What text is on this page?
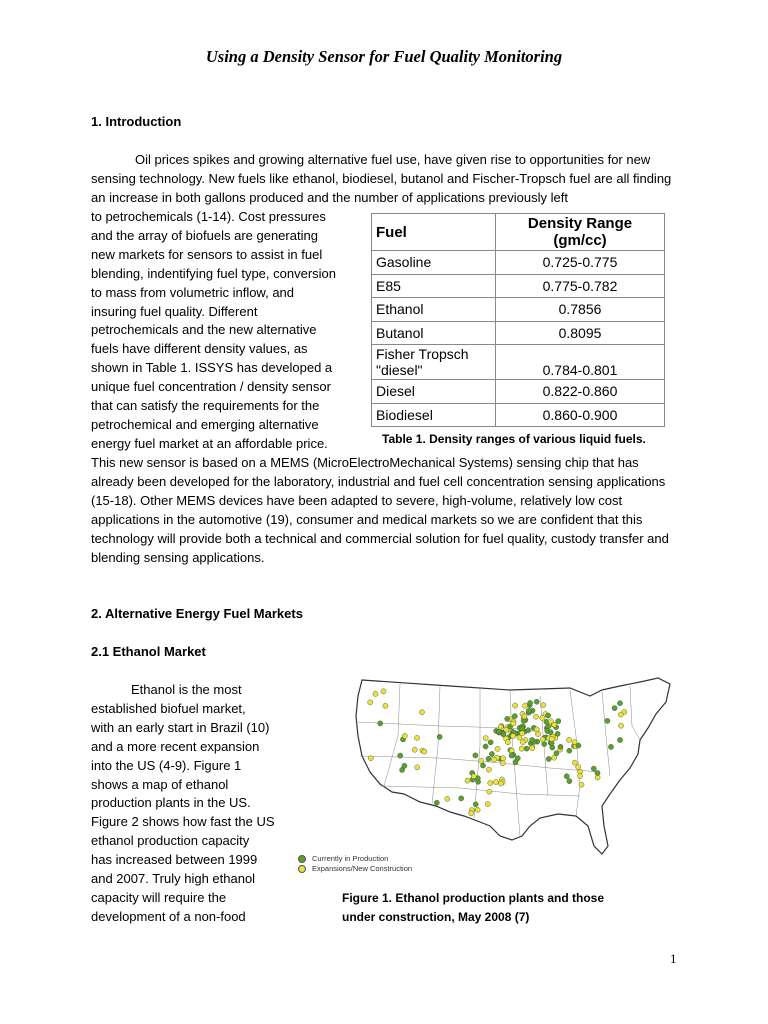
Using a Density Sensor for Fuel Quality Monitoring
1. Introduction

Oil prices spikes and growing alternative fuel use, have given rise to opportunities for new sensing technology. New fuels like ethanol, biodiesel, butanol and Fischer-Tropsch fuel are all finding an increase in both gallons produced and the number of applications previously left

to petrochemicals (1-14). Cost pressures
and the array of biofuels are generating
new markets for sensors to assist in fuel
blending, indentifying fuel type, conversion
to mass from volumetric inflow, and
insuring fuel quality. Different
petrochemicals and the new alternative
fuels have different density values, as
shown in Table 1. ISSYS has developed a
unique fuel concentration / density sensor
that can satisfy the requirements for the
petrochemical and emerging alternative
energy fuel market at an affordable price.
Fuel	Density Range (gm/cc)
Gasoline	0.725-0.775
E85	0.775-0.782
Ethanol	0.7856
Butanol	0.8095

Fisher Tropsch
"diesel"	0.784-0.801
Diesel	0.822-0.860
Biodiesel	0.860-0.900
Table 1. Density ranges of various liquid fuels.

This new sensor is based on a MEMS (MicroElectroMechanical Systems) sensing chip that has already been developed for the laboratory, industrial and fuel cell concentration sensing applications (15-18). Other MEMS devices have been adapted to severe, high-volume, relatively low cost applications in the automotive (19), consumer and medical markets so we are confident that this technology will provide both a technical and commercial solution for fuel quality, custody transfer and blending sensing applications.

2. Alternative Energy Fuel Markets
2.1 Ethanol Market
Ethanol is the most
established biofuel market,
with an early start in Brazil (10)
and a more recent expansion
into the US (4-9). Figure 1
shows a map of ethanol
production plants in the US.
Figure 2 shows how fast the US
ethanol production capacity
has increased between 1999
and 2007. Truly high ethanol
capacity will require the
development of a non-food
Currently in Production
Expansions/New Construction
Figure 1. Ethanol production plants and those
under construction, May 2008 (7)
1
